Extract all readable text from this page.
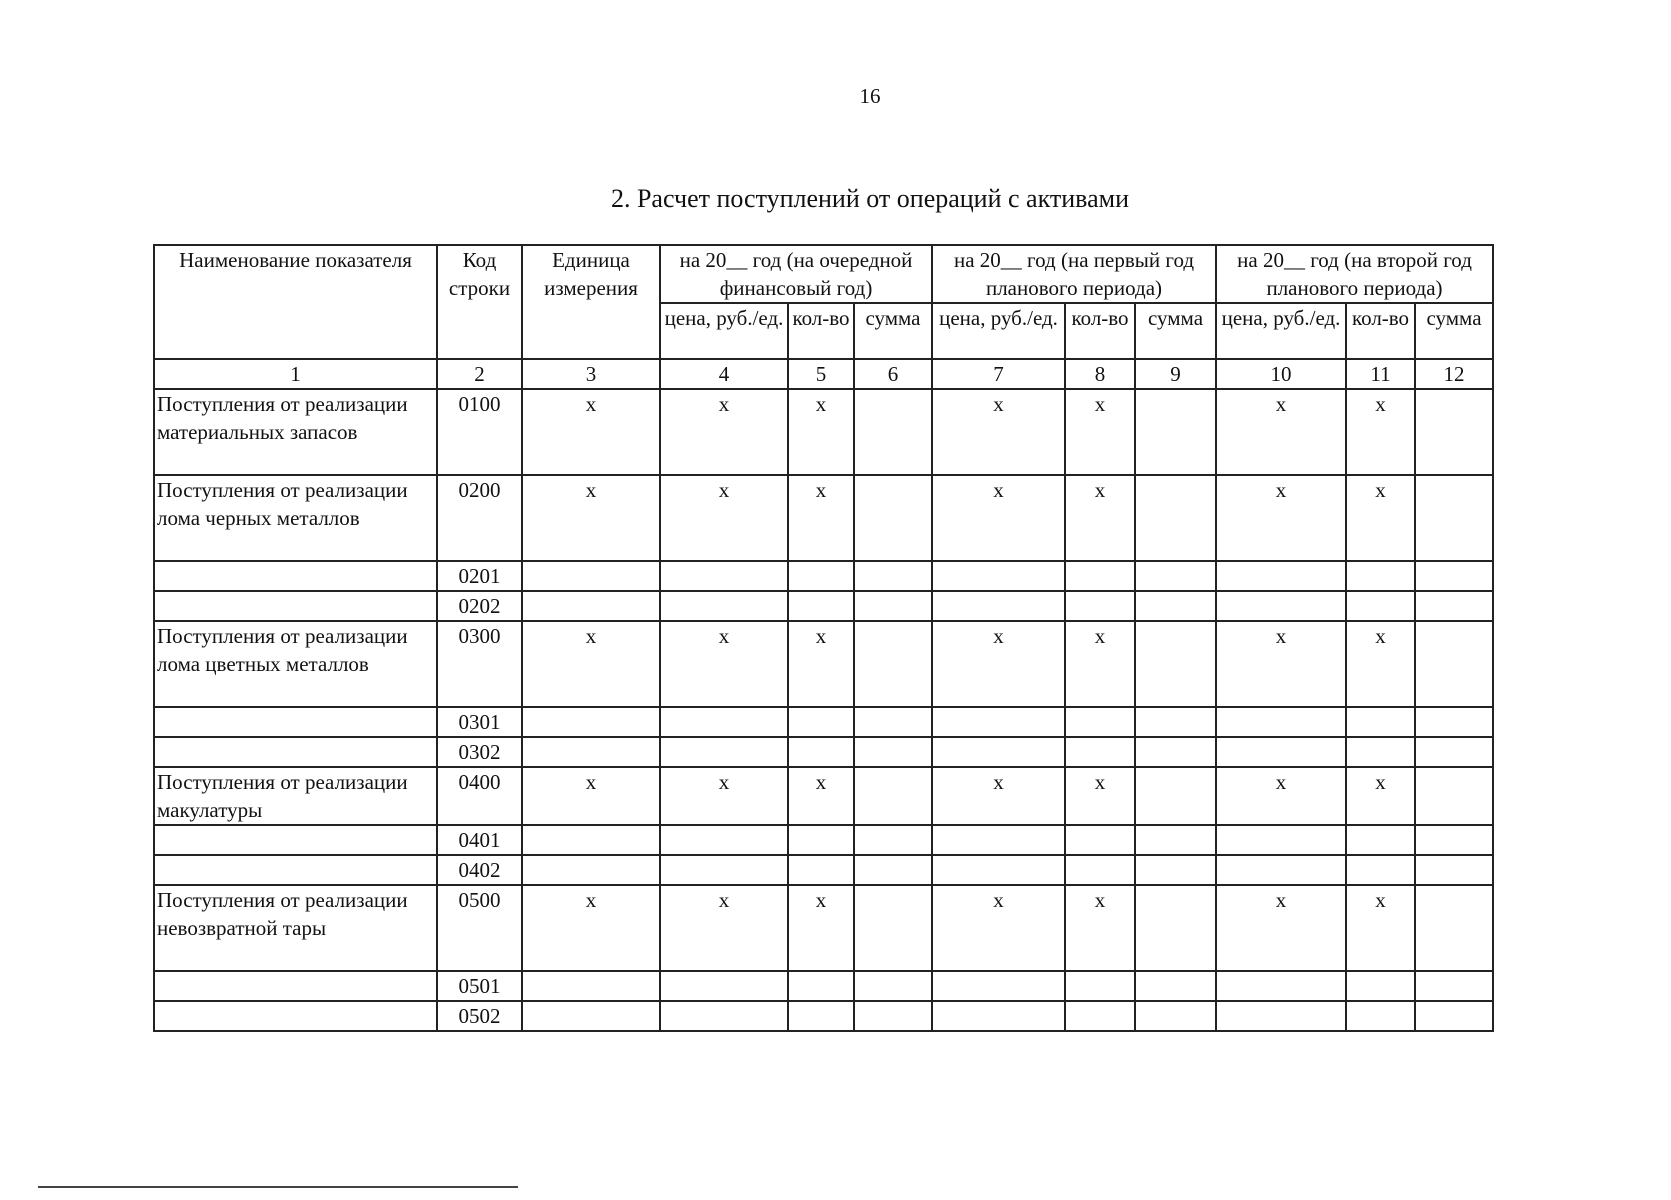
16
2. Расчет поступлений от операций с активами
Наименование показателя	Код строки	Единица измерения	на 20__ год (на очередной финансовый год)			на 20__ год (на первый год планового периода)			на 20__ год (на второй год планового периода)		
			цена, руб./ед.	кол-во	сумма	цена, руб./ед.	кол-во	сумма	цена, руб./ед.	кол-во	сумма
1	2	3	4	5	6	7	8	9	10	11	12
Поступления от реализации материальных запасов	0100	х	х	х		х	х		х	х	
Поступления от реализации лома черных металлов	0200	х	х	х		х	х		х	х	
	0201										
	0202										
Поступления от реализации лома цветных металлов	0300	х	х	х		х	х		х	х	
	0301										
	0302										
Поступления от реализации макулатуры	0400	х	х	х		х	х		х	х	
	0401										
	0402										
Поступления от реализации невозвратной тары	0500	х	х	х		х	х		х	х	
	0501										
	0502										
